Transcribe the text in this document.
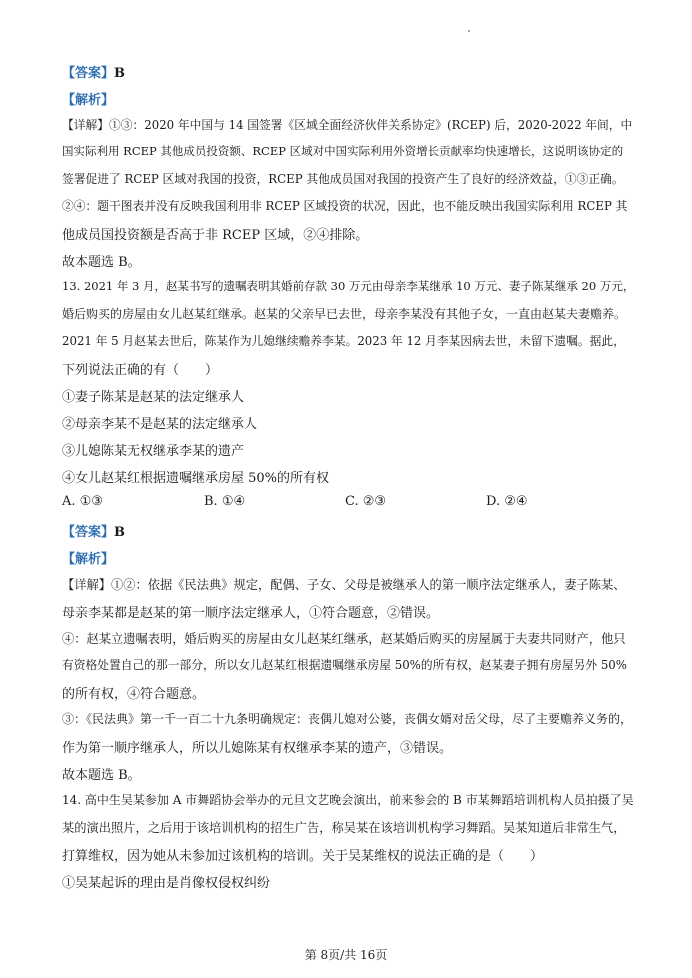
【答案】B
【解析】
【详解】①③：2020 年中国与 14 国签署《区域全面经济伙伴关系协定》(RCEP) 后，2020-2022 年间，中
国实际利用 RCEP 其他成员投资额、RCEP 区域对中国实际利用外资增长贡献率均快速增长，这说明该协定的
签署促进了 RCEP 区域对我国的投资，RCEP 其他成员国对我国的投资产生了良好的经济效益，①③正确。
②④：题干图表并没有反映我国利用非 RCEP 区域投资的状况，因此，也不能反映出我国实际利用 RCEP 其
他成员国投资额是否高于非 RCEP 区域，②④排除。
故本题选 B。
13. 2021 年 3 月，赵某书写的遗嘱表明其婚前存款 30 万元由母亲李某继承 10 万元、妻子陈某继承 20 万元，
婚后购买的房屋由女儿赵某红继承。赵某的父亲早已去世，母亲李某没有其他子女，一直由赵某夫妻赡养。
2021 年 5 月赵某去世后，陈某作为儿媳继续赡养李某。2023 年 12 月李某因病去世，未留下遗嘱。据此，
下列说法正确的有（　　）
①妻子陈某是赵某的法定继承人
②母亲李某不是赵某的法定继承人
③儿媳陈某无权继承李某的遗产
④女儿赵某红根据遗嘱继承房屋 50%的所有权
A. ①③	B. ①④	C. ②③	D. ②④
【答案】B
【解析】
【详解】①②：依据《民法典》规定，配偶、子女、父母是被继承人的第一顺序法定继承人，妻子陈某、
母亲李某都是赵某的第一顺序法定继承人，①符合题意，②错误。
④：赵某立遗嘱表明，婚后购买的房屋由女儿赵某红继承，赵某婚后购买的房屋属于夫妻共同财产，他只
有资格处置自己的那一部分，所以女儿赵某红根据遗嘱继承房屋 50%的所有权，赵某妻子拥有房屋另外 50%
的所有权，④符合题意。
③：《民法典》第一千一百二十九条明确规定：丧偶儿媳对公婆，丧偶女婿对岳父母，尽了主要赡养义务的，
作为第一顺序继承人，所以儿媳陈某有权继承李某的遗产，③错误。
故本题选 B。
14. 高中生吴某参加 A 市舞蹈协会举办的元旦文艺晚会演出，前来参会的 B 市某舞蹈培训机构人员拍摄了吴
某的演出照片，之后用于该培训机构的招生广告，称吴某在该培训机构学习舞蹈。吴某知道后非常生气，
打算维权，因为她从未参加过该机构的培训。关于吴某维权的说法正确的是（　　）
①吴某起诉的理由是肖像权侵权纠纷
第 8页/共 16页
